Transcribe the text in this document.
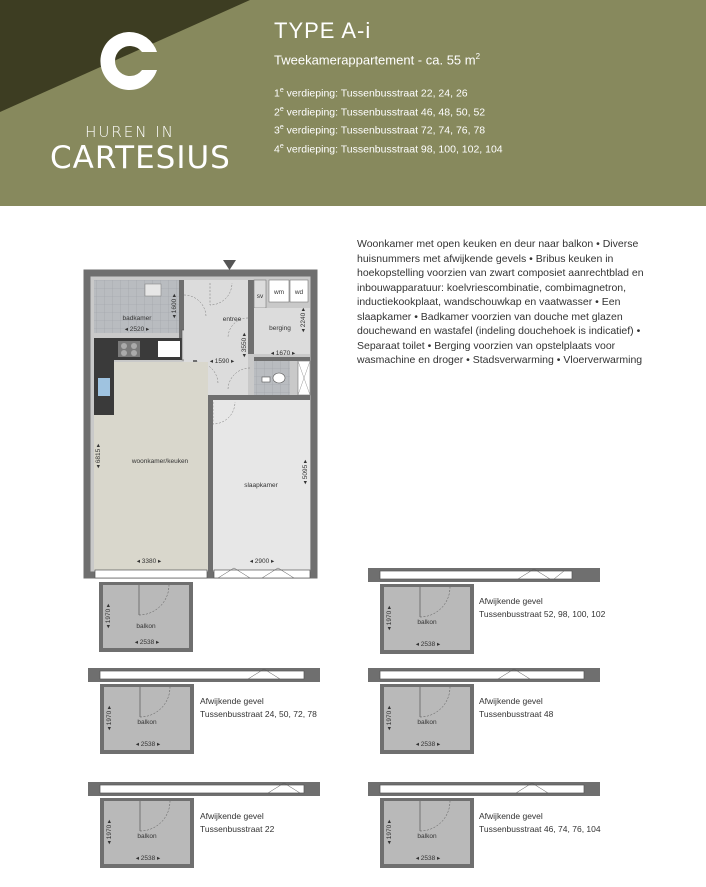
HUREN IN
CARTESIUS
TYPE A-i
Tweekamerappartement - ca. 55 $m^2$
1e verdieping: Tussenbusstraat 22, 24, 26
2e verdieping: Tussenbusstraat 46, 48, 50, 52
3e verdieping: Tussenbusstraat 72, 74, 76, 78
4e verdieping: Tussenbusstraat 98, 100, 102, 104
Woonkamer met open keuken en deur naar balkon • Diverse huisnummers met afwijkende gevels • Bribus keuken in hoekopstelling voorzien van zwart composiet aanrechtblad en inbouwapparatuur: koelvriescombinatie, combimagnetron, inductiekookplaat, wandschouwkap en vaatwasser • Een slaapkamer • Badkamer voorzien van douche met glazen douchewand en wastafel (indeling douchehoek is indicatief) • Separaat toilet • Berging voorzien van opstelplaats voor wasmachine en droger • Stadsverwarming • Vloerverwarming
badkamer
◂ 2520 ▸
◂ 1600 ▸
entree
◂ 3550 ▸
◂ 1590 ▸
sv
wm wd
berging ◂ 2240 ▸
◂ 1670 ▸
woonkamer/keuken
◂ 6815 ▸
◂ 3380 ▸
slaapkamer
◂ 5095 ▸
◂ 2900 ▸
balkon
◂ 1970 ▸
◂ 2538 ▸
balkon
◂ 1970 ▸
◂ 2538 ▸
balkon
◂ 1970 ▸
◂ 2538 ▸
balkon
◂ 1970 ▸
◂ 2538 ▸
balkon
◂ 1970 ▸
◂ 2538 ▸
balkon
◂ 1970 ▸
◂ 2538 ▸
Afwijkende gevel
Tussenbusstraat 52, 98, 100, 102
Afwijkende gevel
Tussenbusstraat 24, 50, 72, 78
Afwijkende gevel
Tussenbusstraat 48
Afwijkende gevel
Tussenbusstraat 22
Afwijkende gevel
Tussenbusstraat 46, 74, 76, 104
